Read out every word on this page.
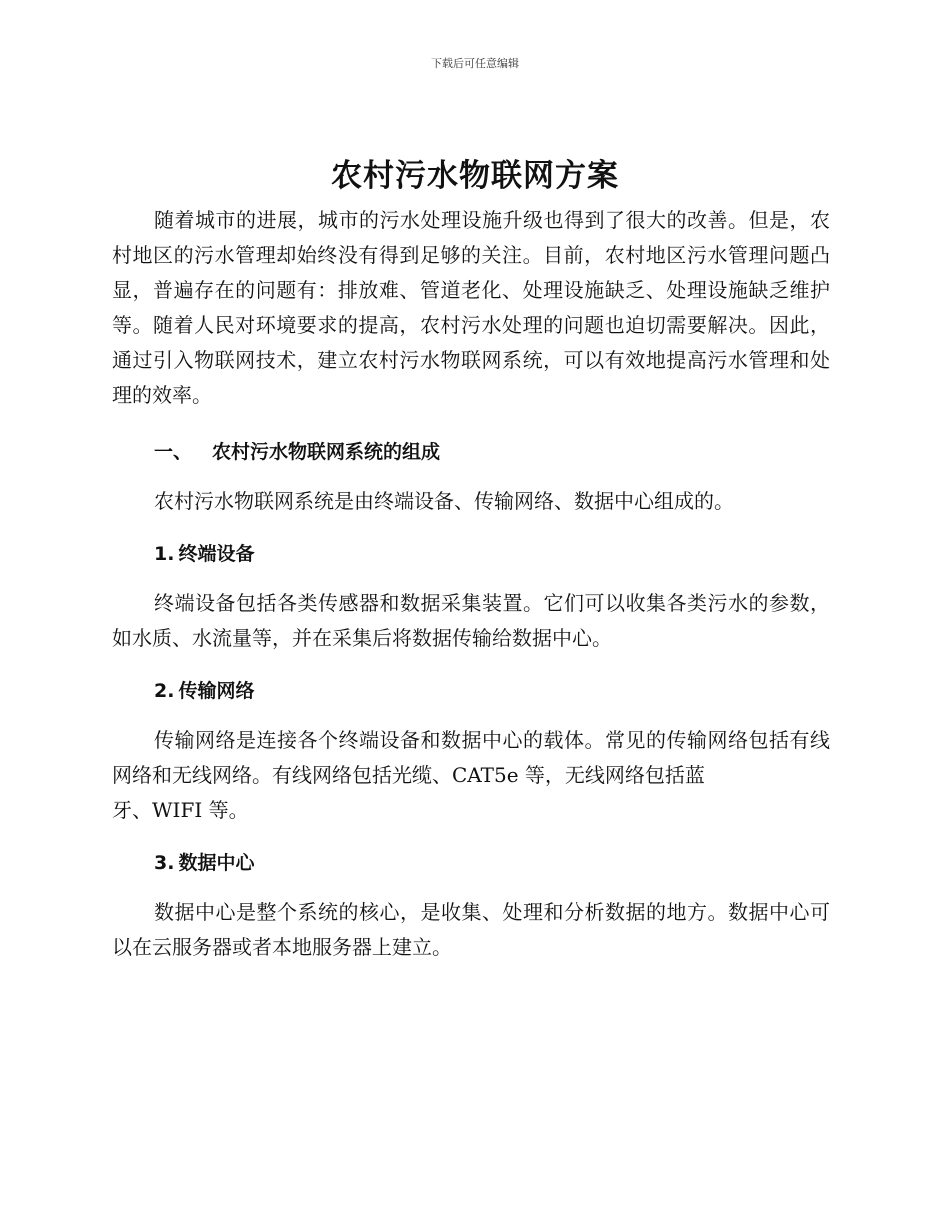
下载后可任意编辑
农村污水物联网方案

随着城市的进展，城市的污水处理设施升级也得到了很大的改善。但是，农村地区的污水管理却始终没有得到足够的关注。目前，农村地区污水管理问题凸显，普遍存在的问题有：排放难、管道老化、处理设施缺乏、处理设施缺乏维护等。随着人民对环境要求的提高，农村污水处理的问题也迫切需要解决。因此，通过引入物联网技术，建立农村污水物联网系统，可以有效地提高污水管理和处理的效率。

一、 农村污水物联网系统的组成

农村污水物联网系统是由终端设备、传输网络、数据中心组成的。

1. 终端设备

终端设备包括各类传感器和数据采集装置。它们可以收集各类污水的参数，如水质、水流量等，并在采集后将数据传输给数据中心。

2. 传输网络

传输网络是连接各个终端设备和数据中心的载体。常见的传输网络包括有线网络和无线网络。有线网络包括光缆、CAT5e 等，无线网络包括蓝
牙、WIFI 等。

3. 数据中心

数据中心是整个系统的核心，是收集、处理和分析数据的地方。数据中心可以在云服务器或者本地服务器上建立。
